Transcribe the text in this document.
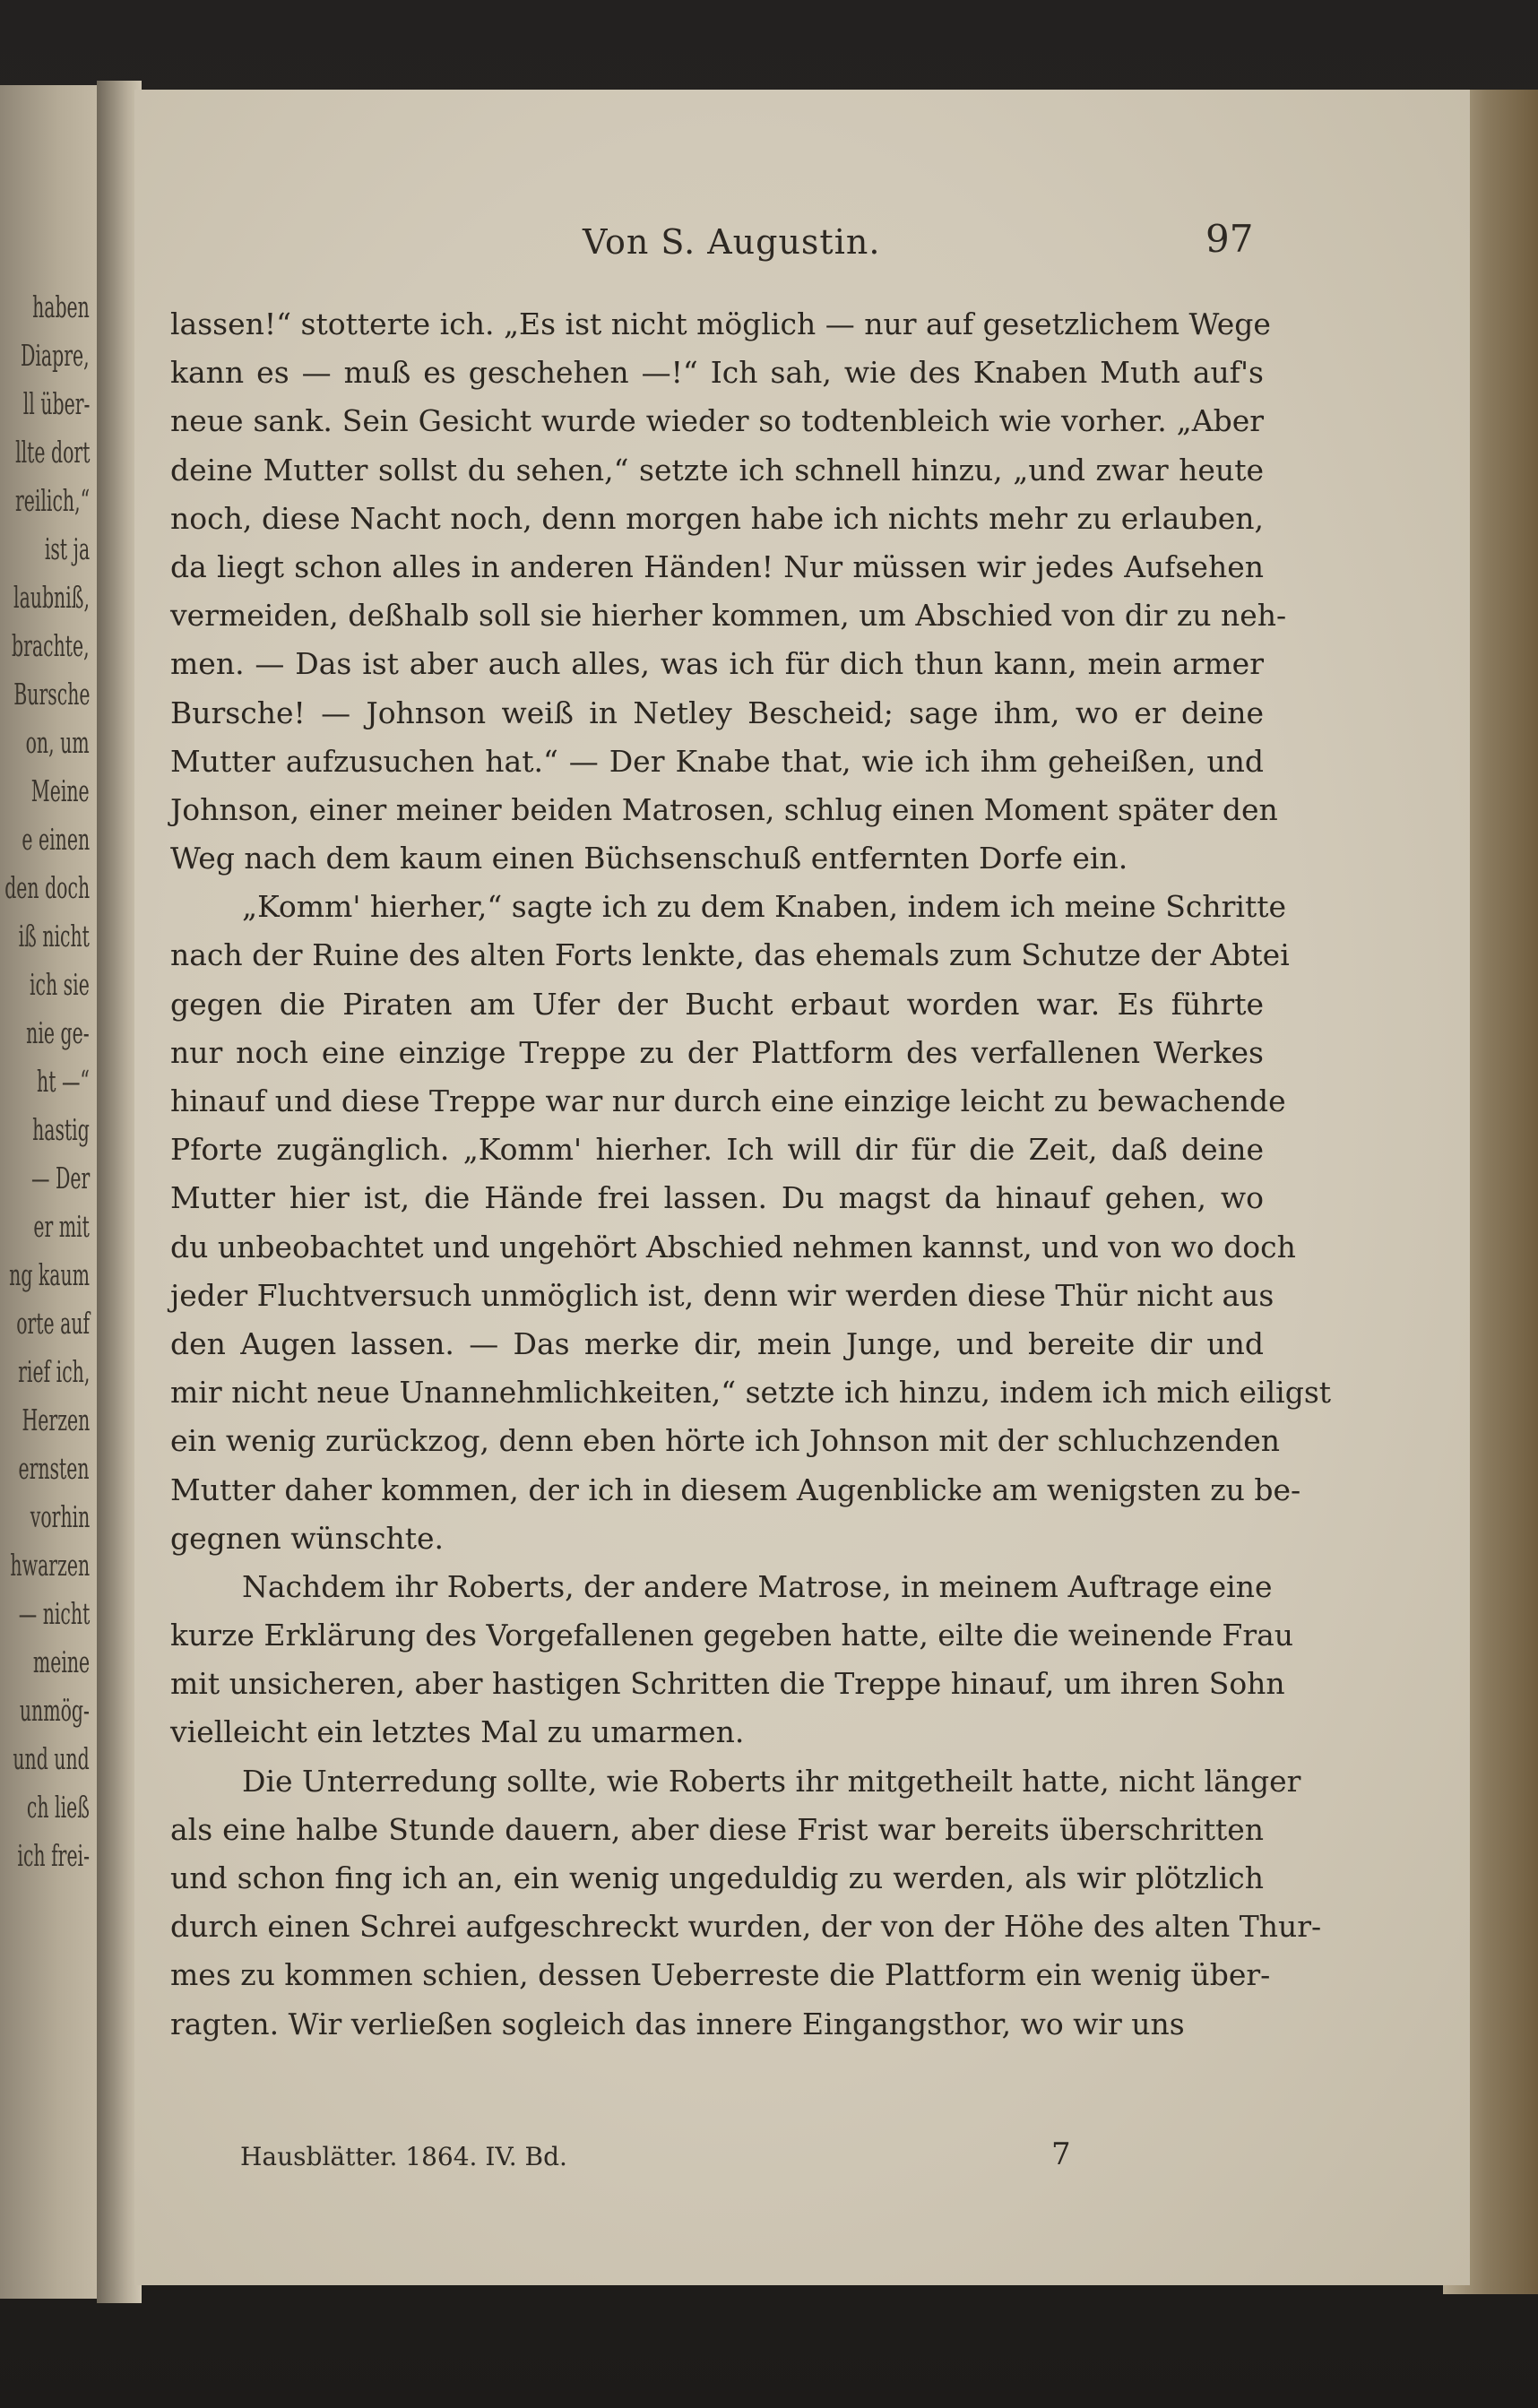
haben
Diapre,
ll über-
llte dort
reilich,“
ist ja
laubniß,
brachte,
Bursche
on, um
Meine
e einen
den doch
iß nicht
ich sie
nie ge-
ht —“
hastig
— Der
er mit
ng kaum
orte auf
rief ich,
Herzen
ernsten
vorhin
hwarzen
— nicht
meine
unmög-
und und
ch ließ
ich frei-
Von S. Augustin.	97
lassen!“ stotterte ich. „Es ist nicht möglich — nur auf gesetzlichem Wege
kann es — muß es geschehen —!“ Ich sah, wie des Knaben Muth auf's
neue sank. Sein Gesicht wurde wieder so todtenbleich wie vorher. „Aber
deine Mutter sollst du sehen,“ setzte ich schnell hinzu, „und zwar heute
noch, diese Nacht noch, denn morgen habe ich nichts mehr zu erlauben,
da liegt schon alles in anderen Händen! Nur müssen wir jedes Aufsehen
vermeiden, deßhalb soll sie hierher kommen, um Abschied von dir zu neh-
men. — Das ist aber auch alles, was ich für dich thun kann, mein armer
Bursche! — Johnson weiß in Netley Bescheid; sage ihm, wo er deine
Mutter aufzusuchen hat.“ — Der Knabe that, wie ich ihm geheißen, und
Johnson, einer meiner beiden Matrosen, schlug einen Moment später den
Weg nach dem kaum einen Büchsenschuß entfernten Dorfe ein.
„Komm' hierher,“ sagte ich zu dem Knaben, indem ich meine Schritte
nach der Ruine des alten Forts lenkte, das ehemals zum Schutze der Abtei
gegen die Piraten am Ufer der Bucht erbaut worden war. Es führte
nur noch eine einzige Treppe zu der Plattform des verfallenen Werkes
hinauf und diese Treppe war nur durch eine einzige leicht zu bewachende
Pforte zugänglich. „Komm' hierher. Ich will dir für die Zeit, daß deine
Mutter hier ist, die Hände frei lassen. Du magst da hinauf gehen, wo
du unbeobachtet und ungehört Abschied nehmen kannst, und von wo doch
jeder Fluchtversuch unmöglich ist, denn wir werden diese Thür nicht aus
den Augen lassen. — Das merke dir, mein Junge, und bereite dir und
mir nicht neue Unannehmlichkeiten,“ setzte ich hinzu, indem ich mich eiligst
ein wenig zurückzog, denn eben hörte ich Johnson mit der schluchzenden
Mutter daher kommen, der ich in diesem Augenblicke am wenigsten zu be-
gegnen wünschte.
Nachdem ihr Roberts, der andere Matrose, in meinem Auftrage eine
kurze Erklärung des Vorgefallenen gegeben hatte, eilte die weinende Frau
mit unsicheren, aber hastigen Schritten die Treppe hinauf, um ihren Sohn
vielleicht ein letztes Mal zu umarmen.
Die Unterredung sollte, wie Roberts ihr mitgetheilt hatte, nicht länger
als eine halbe Stunde dauern, aber diese Frist war bereits überschritten
und schon fing ich an, ein wenig ungeduldig zu werden, als wir plötzlich
durch einen Schrei aufgeschreckt wurden, der von der Höhe des alten Thur-
mes zu kommen schien, dessen Ueberreste die Plattform ein wenig über-
ragten. Wir verließen sogleich das innere Eingangsthor, wo wir uns
Hausblätter. 1864. IV. Bd.	7
